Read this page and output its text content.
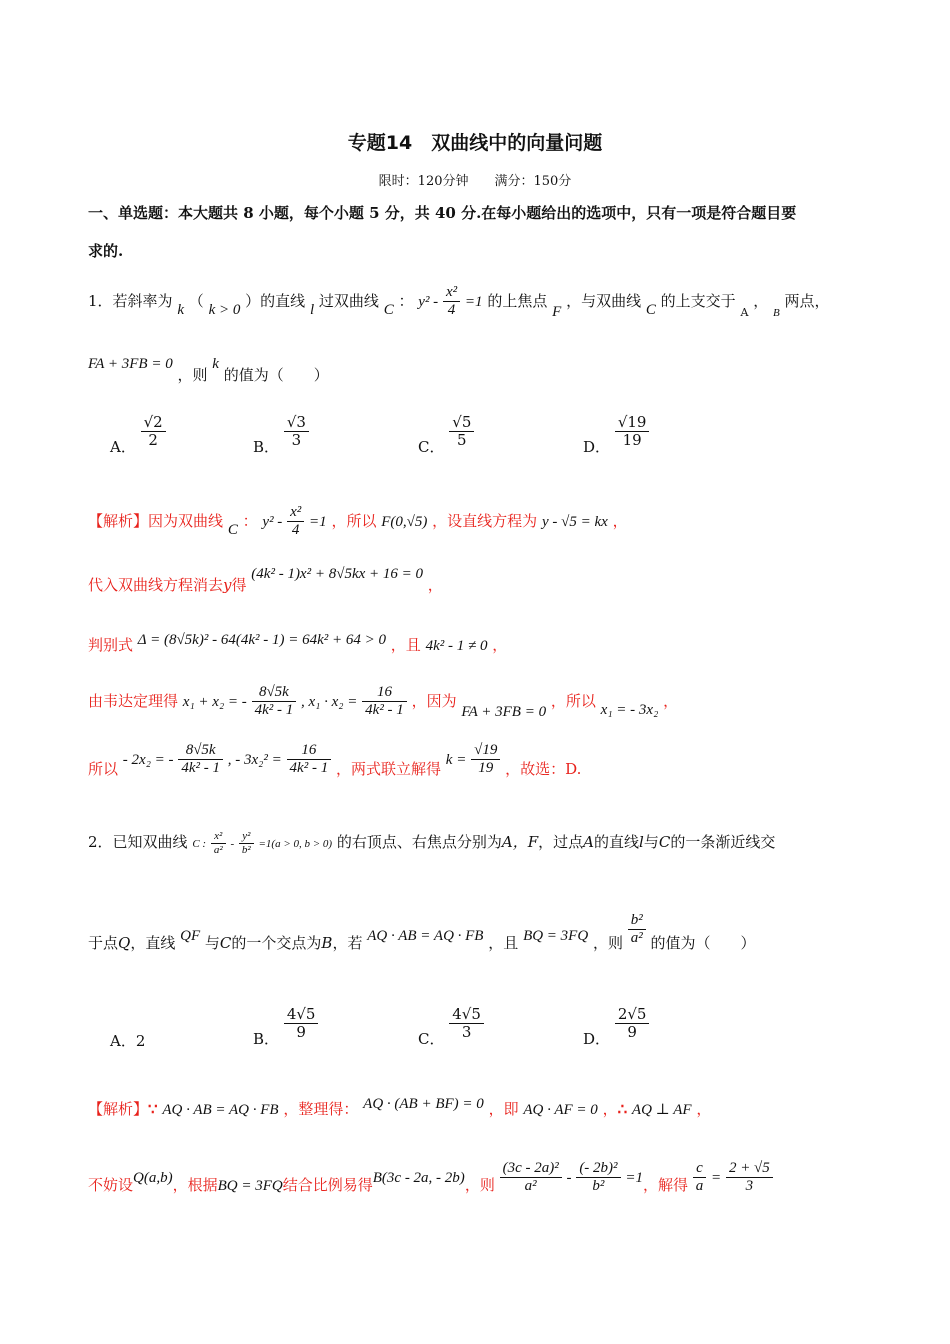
专题14　双曲线中的向量问题
限时：120分钟　　满分：150分
一、单选题：本大题共 8 小题，每个小题 5 分，共 40 分.在每小题给出的选项中，只有一项是符合题目要
求的.
1．若斜率为 k （ k > 0 ）的直线 l 过双曲线 C ： $y^2 - \frac{\text{x²}}{4} =1$ 的上焦点 F ，与双曲线 C 的上支交于 $_A$ ， $_B$ 两点，
FA + 3FB = 0 ，则 k 的值为（　　）
A． $\frac{√2}{2}$	B． $\frac{√3}{3}$	C． $\frac{√5}{5}$	D． $\frac{√19}{19}$
【解析】因为双曲线 C ： $y^2 - \frac{\text{x²}}{4} =1$ ，所以 F(0,√5) ，设直线方程为 y - √5 = kx ，
代入双曲线方程消去y得 (4k² - 1)x² + 8√5kx + 16 = 0 ，
判别式 Δ = (8√5k)² - 64(4k² - 1) = 64k² + 64 > 0 ，且 4k² - 1 ≠ 0 ，
由韦达定理得 x₁ + x₂ = - $\frac{8√5k}{\text{4k² - 1}}$ , $x_1 \cdot x_2 = \frac{16}{\text{4k² - 1}}$ ，因为 FA + 3FB = 0 ，所以 x₁ = - 3x₂ ，
所以 - 2x₂ = - $\frac{8√5k}{\text{4k² - 1}}$ , - $3x_2^2 = \frac{16}{\text{4k² - 1}}$ ，两式联立解得 $k = \frac{√19}{19}$ ，故选：D.
2．已知双曲线 C : $\frac{\text{x²}}{\text{a²}} - \frac{\text{y²}}{\text{b²}} =1(a > 0$, b > 0) 的右顶点、右焦点分别为A，F，过点A的直线l与C的一条渐近线交
于点Q，直线 QF 与C的一个交点为B，若 AQ · AB = AQ · FB ，且 BQ = 3FQ ，则 $\frac{\text{b²}}{\text{a²}}$ 的值为（　　）
A．2	B． $\frac{4√5}{9}$	C． $\frac{4√5}{3}$	D． $\frac{2√5}{9}$
【解析】∵ AQ · AB = AQ · FB ，整理得： AQ · (AB + BF) = 0 ，即 AQ · AF = 0 ，∴ AQ ⊥ AF ，
不妨设Q(a,b)，根据BQ = 3FQ结合比例易得B(3c - 2a, - 2b)，则 $\frac{\text{(3c - 2a)²}}{\text{a²}} - \frac{\text{(- 2b)²}}{\text{b²}} =1$，解得 $\frac{c}{a} = \frac{2 + √5}{3}$
